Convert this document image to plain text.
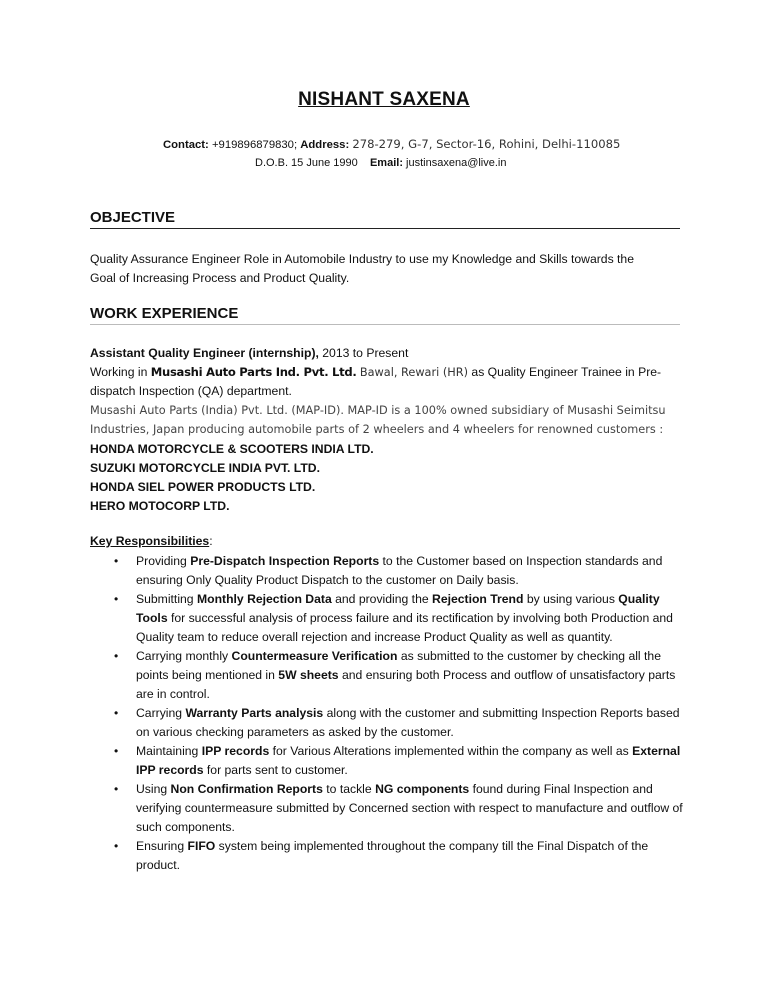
NISHANT SAXENA
Contact: +919896879830; Address: 278-279, G-7, Sector-16, Rohini, Delhi-110085
D.O.B. 15 June 1990 Email: justinsaxena@live.in
OBJECTIVE
Quality Assurance Engineer Role in Automobile Industry to use my Knowledge and Skills towards the
Goal of Increasing Process and Product Quality.
WORK EXPERIENCE
Assistant Quality Engineer (internship), 2013 to Present
Working in Musashi Auto Parts Ind. Pvt. Ltd. Bawal, Rewari (HR) as Quality Engineer Trainee in Pre-
dispatch Inspection (QA) department.
Musashi Auto Parts (India) Pvt. Ltd. (MAP-ID). MAP-ID is a 100% owned subsidiary of Musashi Seimitsu
Industries, Japan producing automobile parts of 2 wheelers and 4 wheelers for renowned customers :
HONDA MOTORCYCLE & SCOOTERS INDIA LTD.
SUZUKI MOTORCYCLE INDIA PVT. LTD.
HONDA SIEL POWER PRODUCTS LTD.
HERO MOTOCORP LTD.
Key Responsibilities:
• Providing Pre-Dispatch Inspection Reports to the Customer based on Inspection standards and ensuring Only Quality Product Dispatch to the customer on Daily basis.
• Submitting Monthly Rejection Data and providing the Rejection Trend by using various Quality Tools for successful analysis of process failure and its rectification by involving both Production and Quality team to reduce overall rejection and increase Product Quality as well as quantity.
• Carrying monthly Countermeasure Verification as submitted to the customer by checking all the points being mentioned in 5W sheets and ensuring both Process and outflow of unsatisfactory parts are in control.
• Carrying Warranty Parts analysis along with the customer and submitting Inspection Reports based on various checking parameters as asked by the customer.
• Maintaining IPP records for Various Alterations implemented within the company as well as External IPP records for parts sent to customer.
• Using Non Confirmation Reports to tackle NG components found during Final Inspection and verifying countermeasure submitted by Concerned section with respect to manufacture and outflow of such components.
• Ensuring FIFO system being implemented throughout the company till the Final Dispatch of the product.
